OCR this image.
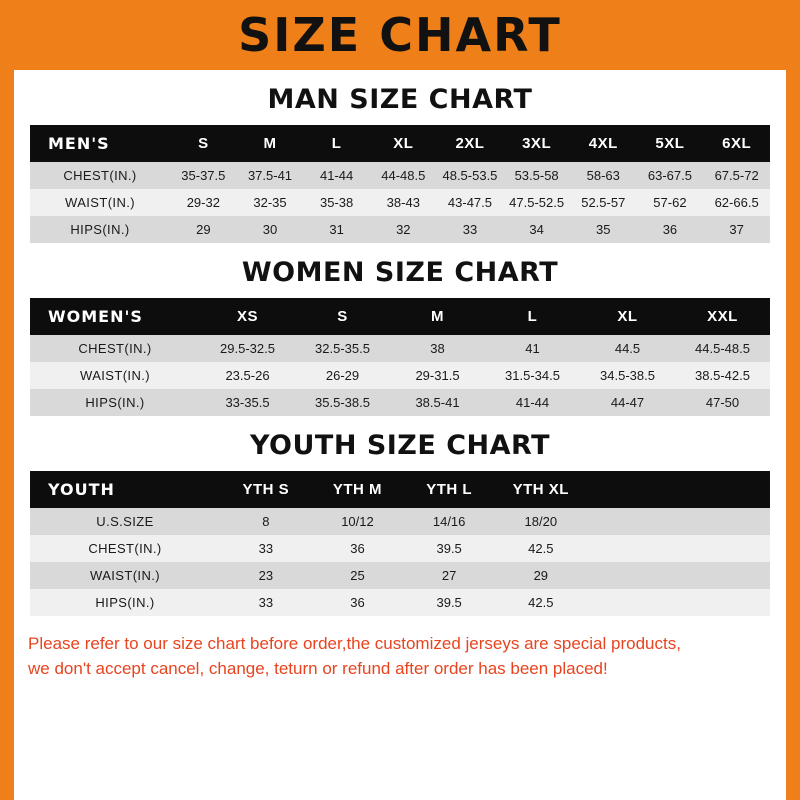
SIZE CHART
MAN SIZE CHART
MEN'S	S	M	L	XL	2XL	3XL	4XL	5XL	6XL
CHEST(IN.)	35-37.5	37.5-41	41-44	44-48.5	48.5-53.5	53.5-58	58-63	63-67.5	67.5-72
WAIST(IN.)	29-32	32-35	35-38	38-43	43-47.5	47.5-52.5	52.5-57	57-62	62-66.5
HIPS(IN.)	29	30	31	32	33	34	35	36	37
WOMEN SIZE CHART
WOMEN'S	XS	S	M	L	XL	XXL
CHEST(IN.)	29.5-32.5	32.5-35.5	38	41	44.5	44.5-48.5
WAIST(IN.)	23.5-26	26-29	29-31.5	31.5-34.5	34.5-38.5	38.5-42.5
HIPS(IN.)	33-35.5	35.5-38.5	38.5-41	41-44	44-47	47-50
YOUTH SIZE CHART
YOUTH	YTH S	YTH M	YTH L	YTH XL		
U.S.SIZE	8	10/12	14/16	18/20		
CHEST(IN.)	33	36	39.5	42.5		
WAIST(IN.)	23	25	27	29		
HIPS(IN.)	33	36	39.5	42.5		
Please refer to our size chart before order,the customized jerseys are special products,
we don't accept cancel, change, teturn or refund after order has been placed!
